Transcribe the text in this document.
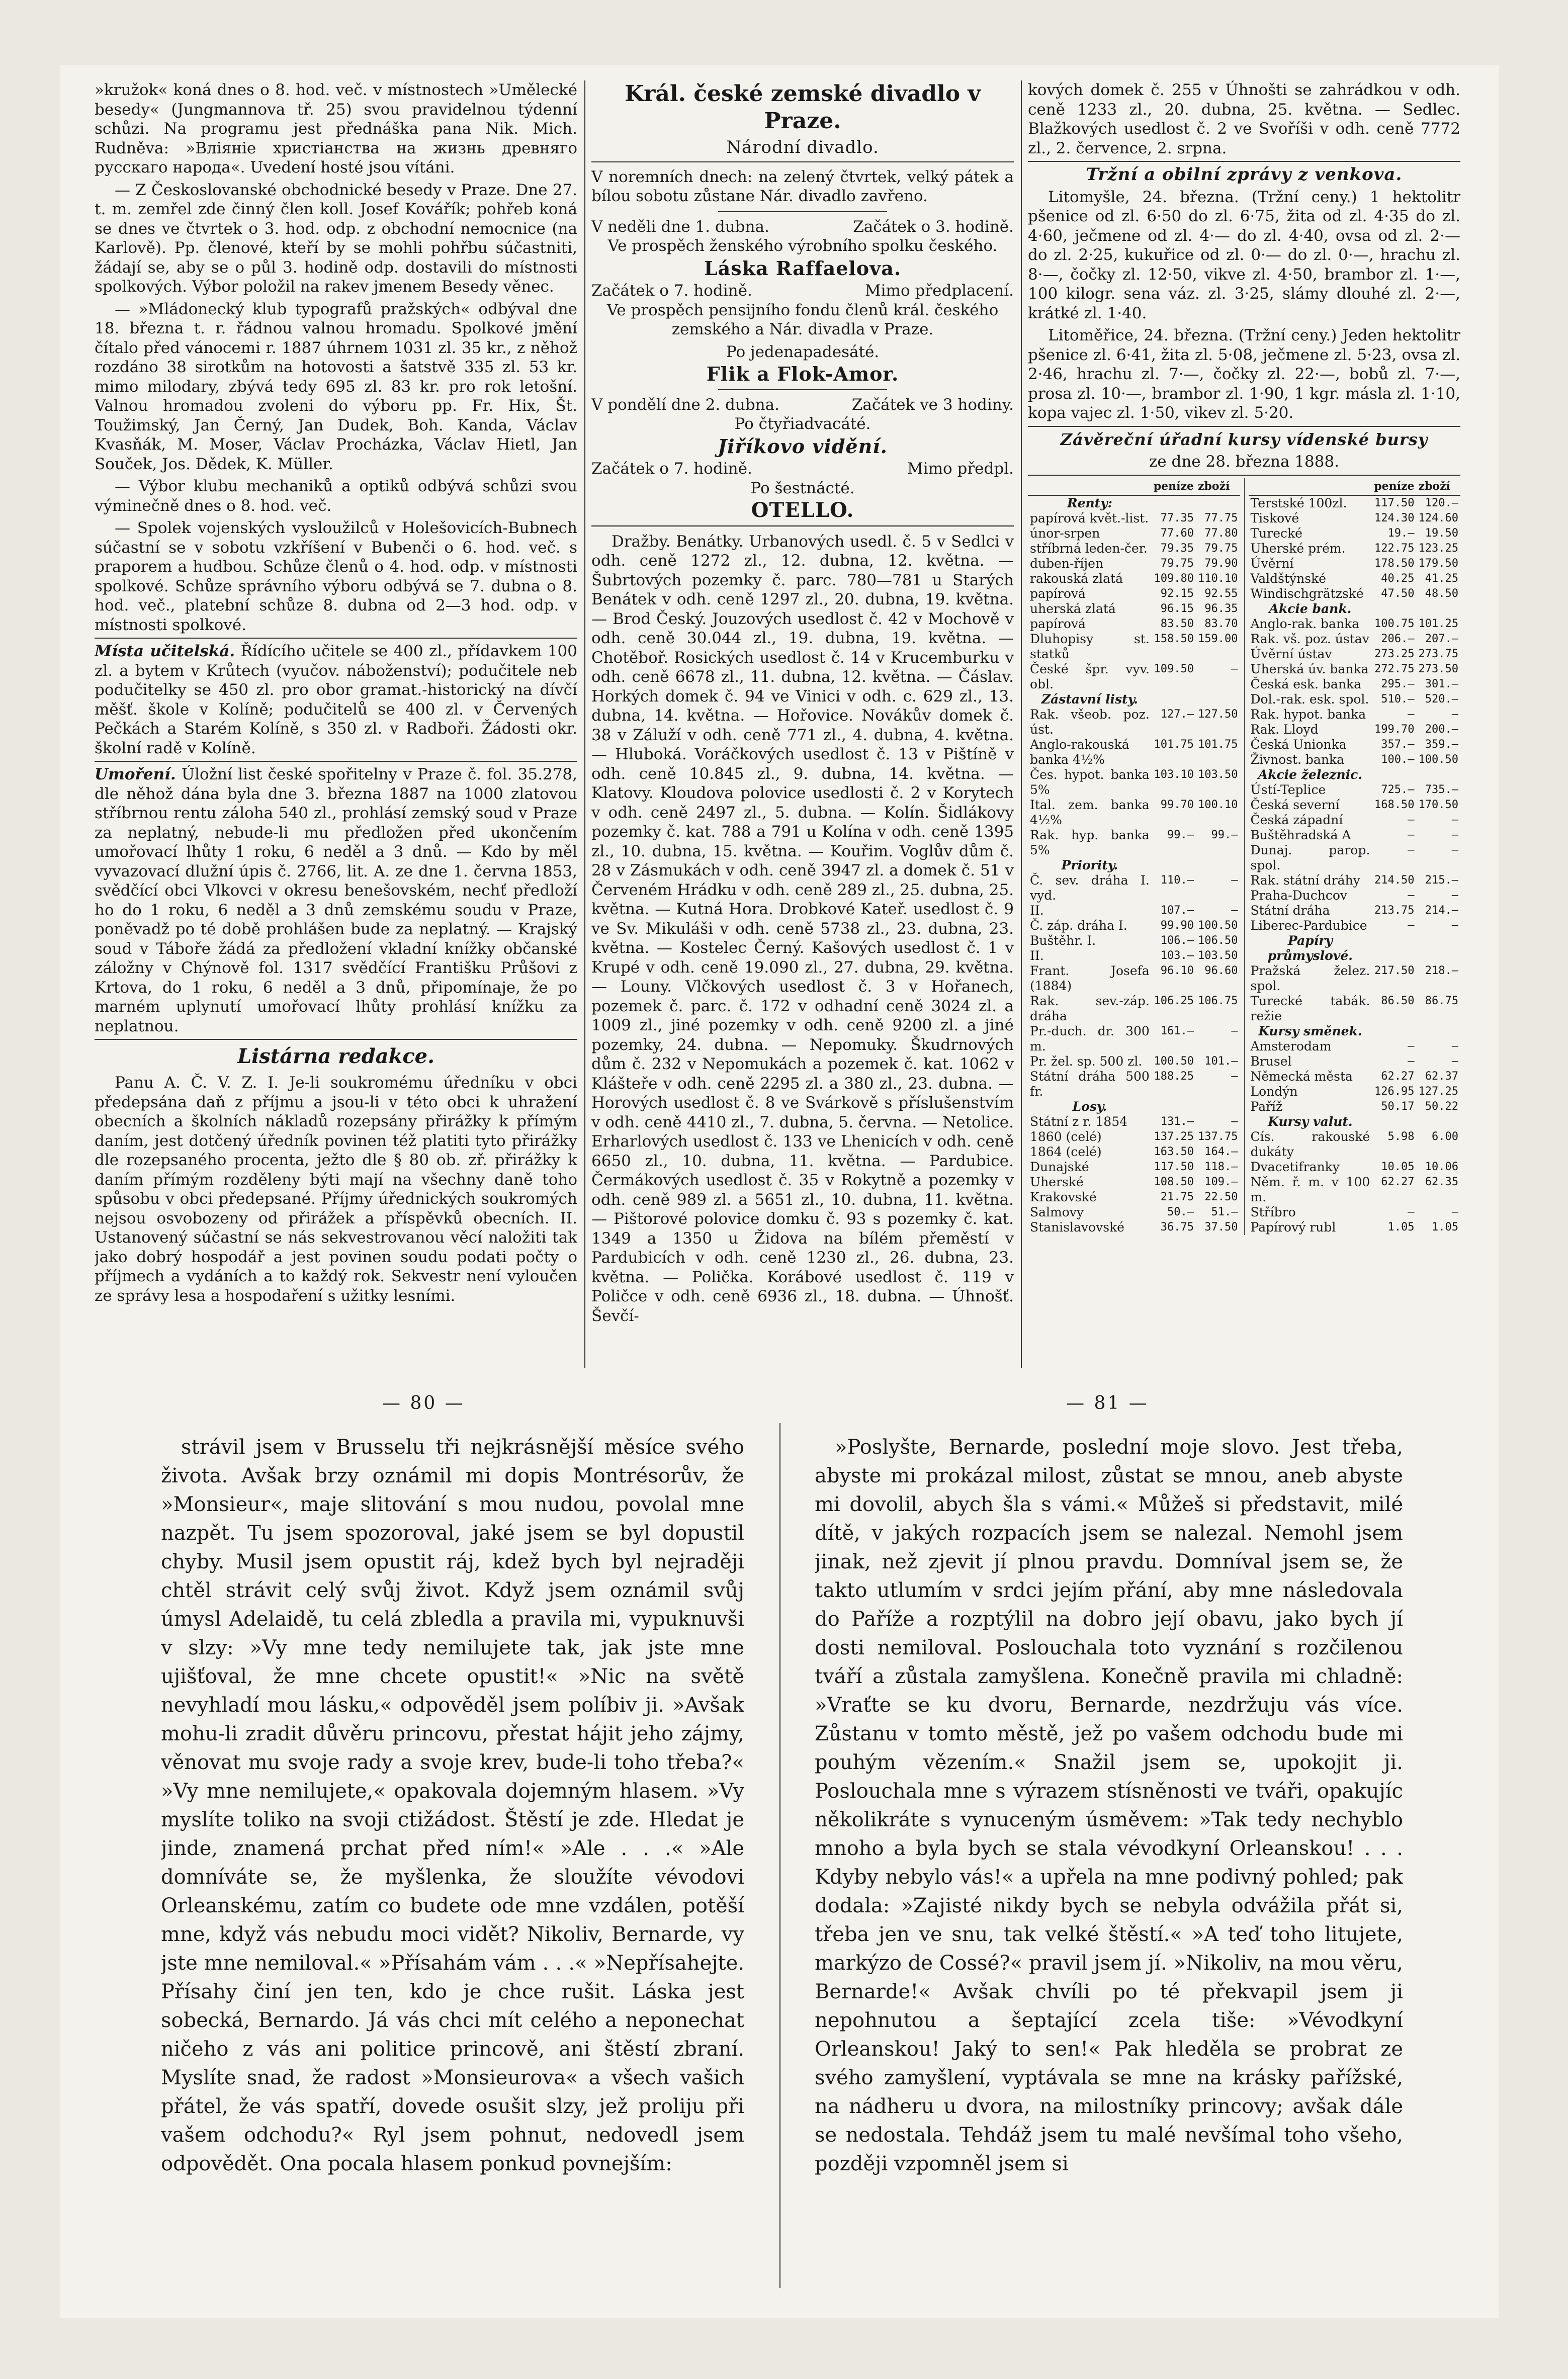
»kružok« koná dnes o 8. hod. več. v místnostech »Umělecké besedy« (Jungmannova tř. 25) svou pravidelnou týdenní schůzi. Na programu jest přednáška pana Nik. Mich. Rudněva: »Вліяніе христіанства на жизнь древняго русскаго народа«. Uvedení hosté jsou vítáni.

— Z Českoslovanské obchodnické besedy v Praze. Dne 27. t. m. zemřel zde činný člen koll. Josef Kovářík; pohřeb koná se dnes ve čtvrtek o 3. hod. odp. z obchodní nemocnice (na Karlově). Pp. členové, kteří by se mohli pohřbu súčastniti, žádají se, aby se o půl 3. hodině odp. dostavili do místnosti spolkových. Výbor položil na rakev jmenem Besedy věnec.

— »Mládonecký klub typografů pražských« odbýval dne 18. března t. r. řádnou valnou hromadu. Spolkové jmění čítalo před vánocemi r. 1887 úhrnem 1031 zl. 35 kr., z něhož rozdáno 38 sirotkům na hotovosti a šatstvě 335 zl. 53 kr. mimo milodary, zbývá tedy 695 zl. 83 kr. pro rok letošní. Valnou hromadou zvoleni do výboru pp. Fr. Hix, Št. Toužimský, Jan Černý, Jan Dudek, Boh. Kanda, Václav Kvasňák, M. Moser, Václav Procházka, Václav Hietl, Jan Souček, Jos. Dědek, K. Müller.

— Výbor klubu mechaniků a optiků odbývá schůzi svou výminečně dnes o 8. hod. več.

— Spolek vojenských vysloužilců v Holešovicích-Bubnech súčastní se v sobotu vzkříšení v Bubenči o 6. hod. več. s praporem a hudbou. Schůze členů o 4. hod. odp. v místnosti spolkové. Schůze správního výboru odbývá se 7. dubna o 8. hod. več., platební schůze 8. dubna od 2—3 hod. odp. v místnosti spolkové.

Místa učitelská. Řídícího učitele se 400 zl., přídavkem 100 zl. a bytem v Krůtech (vyučov. náboženství); podučitele neb podučitelky se 450 zl. pro obor gramat.-historický na dívčí měšť. škole v Kolíně; podučitelů se 400 zl. v Červených Pečkách a Starém Kolíně, s 350 zl. v Radboři. Žádosti okr. školní radě v Kolíně.

Umoření. Úložní list české spořitelny v Praze č. fol. 35.278, dle něhož dána byla dne 3. března 1887 na 1000 zlatovou stříbrnou rentu záloha 540 zl., prohlásí zemský soud v Praze za neplatný, nebude-li mu předložen před ukončením umořovací lhůty 1 roku, 6 neděl a 3 dnů. — Kdo by měl vyvazovací dlužní úpis č. 2766, lit. A. ze dne 1. června 1853, svědčící obci Vlkovci v okresu benešovském, nechť předloží ho do 1 roku, 6 neděl a 3 dnů zemskému soudu v Praze, poněvadž po té době prohlášen bude za neplatný. — Krajský soud v Táboře žádá za předložení vkladní knížky občanské záložny v Chýnově fol. 1317 svědčící Františku Průšovi z Krtova, do 1 roku, 6 neděl a 3 dnů, připomínaje, že po marném uplynutí umořovací lhůty prohlásí knížku za neplatnou.

Listárna redakce.

Panu A. Č. V. Z. I. Je-li soukromému úředníku v obci předepsána daň z příjmu a jsou-li v této obci k uhražení obecních a školních nákladů rozepsány přirážky k přímým daním, jest dotčený úředník povinen též platiti tyto přirážky dle rozepsaného procenta, ježto dle § 80 ob. zř. přirážky k daním přímým rozděleny býti mají na všechny daně toho spůsobu v obci předepsané. Příjmy úřednických soukromých nejsou osvobozeny od přirážek a příspěvků obecních. II. Ustanovený súčastní se nás sekvestrovanou věcí naložiti tak jako dobrý hospodář a jest povinen soudu podati počty o příjmech a vydáních a to každý rok. Sekvestr není vyloučen ze správy lesa a hospodaření s užitky lesními.

Král. české zemské divadlo v Praze.
Národní divadlo.

V noremních dnech: na zelený čtvrtek, velký pátek a bílou sobotu zůstane Nár. divadlo zavřeno.

V neděli dne 1. dubna.	Začátek o 3. hodině.

Ve prospěch ženského výrobního spolku českého.

Láska Raffaelova.
Začátek o 7. hodině.	Mimo předplacení.

Ve prospěch pensijního fondu členů král. českého zemského a Nár. divadla v Praze.

Po jedenapadesáté.

Flik a Flok-Amor.
V pondělí dne 2. dubna.	Začátek ve 3 hodiny.

Po čtyřiadvacáté.

Jiříkovo vidění.
Začátek o 7. hodině.	Mimo předpl.

Po šestnácté.

OTELLO.

Dražby. Benátky. Urbanových usedl. č. 5 v Sedlci v odh. ceně 1272 zl., 12. dubna, 12. května. — Šubrtových pozemky č. parc. 780—781 u Starých Benátek v odh. ceně 1297 zl., 20. dubna, 19. května. — Brod Český. Jouzových usedlost č. 42 v Mochově v odh. ceně 30.044 zl., 19. dubna, 19. května. — Chotěboř. Rosických usedlost č. 14 v Krucemburku v odh. ceně 6678 zl., 11. dubna, 12. května. — Čáslav. Horkých domek č. 94 ve Vinici v odh. c. 629 zl., 13. dubna, 14. května. — Hořovice. Novákův domek č. 38 v Záluží v odh. ceně 771 zl., 4. dubna, 4. května. — Hluboká. Voráčkových usedlost č. 13 v Pištíně v odh. ceně 10.845 zl., 9. dubna, 14. května. — Klatovy. Kloudova polovice usedlosti č. 2 v Korytech v odh. ceně 2497 zl., 5. dubna. — Kolín. Šidlákovy pozemky č. kat. 788 a 791 u Kolína v odh. ceně 1395 zl., 10. dubna, 15. května. — Kouřim. Voglův dům č. 28 v Zásmukách v odh. ceně 3947 zl. a domek č. 51 v Červeném Hrádku v odh. ceně 289 zl., 25. dubna, 25. května. — Kutná Hora. Drobkové Kateř. usedlost č. 9 ve Sv. Mikuláši v odh. ceně 5738 zl., 23. dubna, 23. května. — Kostelec Černý. Kašových usedlost č. 1 v Krupé v odh. ceně 19.090 zl., 27. dubna, 29. května. — Louny. Vlčkových usedlost č. 3 v Hořanech, pozemek č. parc. č. 172 v odhadní ceně 3024 zl. a 1009 zl., jiné pozemky v odh. ceně 9200 zl. a jiné pozemky, 24. dubna. — Nepomuky. Škudrnových dům č. 232 v Nepomukách a pozemek č. kat. 1062 v Klášteře v odh. ceně 2295 zl. a 380 zl., 23. dubna. — Horových usedlost č. 8 ve Svárkově s příslušenstvím v odh. ceně 4410 zl., 7. dubna, 5. června. — Netolice. Erharlových usedlost č. 133 ve Lhenicích v odh. ceně 6650 zl., 10. dubna, 11. května. — Pardubice. Čermákových usedlost č. 35 v Rokytně a pozemky v odh. ceně 989 zl. a 5651 zl., 10. dubna, 11. května. — Pištorové polovice domku č. 93 s pozemky č. kat. 1349 a 1350 u Židova na bílém přeměstí v Pardubicích v odh. ceně 1230 zl., 26. dubna, 23. května. — Polička. Korábové usedlost č. 119 v Poličce v odh. ceně 6936 zl., 18. dubna. — Úhnošť. Ševčí-

kových domek č. 255 v Úhnošti se zahrádkou v odh. ceně 1233 zl., 20. dubna, 25. května. — Sedlec. Blažkových usedlost č. 2 ve Svoříši v odh. ceně 7772 zl., 2. července, 2. srpna.

Tržní a obilní zprávy z venkova.

Litomyšle, 24. března. (Tržní ceny.) 1 hektolitr pšenice od zl. 6·50 do zl. 6·75, žita od zl. 4·35 do zl. 4·60, ječmene od zl. 4·— do zl. 4·40, ovsa od zl. 2·— do zl. 2·25, kukuřice od zl. 0·— do zl. 0·—, hrachu zl. 8·—, čočky zl. 12·50, vikve zl. 4·50, brambor zl. 1·—, 100 kilogr. sena váz. zl. 3·25, slámy dlouhé zl. 2·—, krátké zl. 1·40.

Litoměřice, 24. března. (Tržní ceny.) Jeden hektolitr pšenice zl. 6·41, žita zl. 5·08, ječmene zl. 5·23, ovsa zl. 2·46, hrachu zl. 7·—, čočky zl. 22·—, bobů zl. 7·—, prosa zl. 10·—, brambor zl. 1·90, 1 kgr. másla zl. 1·10, kopa vajec zl. 1·50, vikev zl. 5·20.

Závěreční úřadní kursy vídenské bursy
ze dne 28. března 1888.
	peníze	zboží
Renty:		
papírová květ.-list.	77.35	77.75
únor-srpen	77.60	77.80
stříbrná leden-čer.	79.35	79.75
duben-říjen	79.75	79.90
rakouská zlatá	109.80	110.10
papírová	92.15	92.55
uherská zlatá	96.15	96.35
papírová	83.50	83.70
Dluhopisy st. statků	158.50	159.00
České špr. vyv. obl.	109.50	—
Zástavní listy.		
Rak. všeob. poz. úst.	127.—	127.50
Anglo-rakouská banka 4½%	101.75	101.75
Čes. hypot. banka 5%	103.10	103.50
Ital. zem. banka 4½%	99.70	100.10
Rak. hyp. banka 5%	99.—	99.—
Priority.		
Č. sev. dráha I. vyd.	110.—	—
II.	107.—	—
Č. záp. dráha I.	99.90	100.50
Buštěhr. I.	106.—	106.50
II.	103.—	103.50
Frant. Josefa (1884)	96.10	96.60
Rak. sev.-záp. dráha	106.25	106.75
Pr.-duch. dr. 300 m.	161.—	—
Pr. žel. sp. 500 zl.	100.50	101.—
Státní dráha 500 fr.	188.25	—
Losy.		
Státní z r. 1854	131.—	—
1860 (celé)	137.25	137.75
1864 (celé)	163.50	164.—
Dunajské	117.50	118.—
Uherské	108.50	109.—
Krakovské	21.75	22.50
Salmovy	50.—	51.—
Stanislavovské	36.75	37.50
	peníze	zboží
Terstské 100zl.	117.50	120.—
Tiskové	124.30	124.60
Turecké	19.—	19.50
Uherské prém.	122.75	123.25
Úvěrní	178.50	179.50
Valdštýnské	40.25	41.25
Windischgrätzské	47.50	48.50
Akcie bank.		
Anglo-rak. banka	100.75	101.25
Rak. vš. poz. ústav	206.—	207.—
Úvěrní ústav	273.25	273.75
Uherská úv. banka	272.75	273.50
Česká esk. banka	295.—	301.—
Dol.-rak. esk. spol.	510.—	520.—
Rak. hypot. banka	—	—
Rak. Lloyd	199.70	200.—
Česká Unionka	357.—	359.—
Živnost. banka	100.—	100.50
Akcie železnic.		
Ústí-Teplice	725.—	735.—
Česká severní	168.50	170.50
Česká západní	—	—
Buštěhradská A	—	—
Dunaj. parop. spol.	—	—
Rak. státní dráhy	214.50	215.—
Praha-Duchcov	—	—
Státní dráha	213.75	214.—
Liberec-Pardubice	—	—
Papíry průmyslové.		
Pražská želez. spol.	217.50	218.—
Turecké tabák. režie	86.50	86.75
Kursy směnek.		
Amsterodam	—	—
Brusel	—	—
Německá města	62.27	62.37
Londýn	126.95	127.25
Paříž	50.17	50.22
Kursy valut.		
Cís. rakouské dukáty	5.98	6.00
Dvacetifranky	10.05	10.06
Něm. ř. m. v 100 m.	62.27	62.35
Stříbro	—	—
Papírový rubl	1.05	1.05
— 80 —	— 81 —

strávil jsem v Brusselu tři nejkrásnější měsíce svého života. Avšak brzy oznámil mi dopis Montrésorův, že »Monsieur«, maje slitování s mou nudou, povolal mne nazpět. Tu jsem spozoroval, jaké jsem se byl dopustil chyby. Musil jsem opustit ráj, kdež bych byl nejraději chtěl strávit celý svůj život. Když jsem oznámil svůj úmysl Adelaidě, tu celá zbledla a pravila mi, vypuknuvši v slzy: »Vy mne tedy nemilujete tak, jak jste mne ujišťoval, že mne chcete opustit!« »Nic na světě nevyhladí mou lásku,« odpověděl jsem políbiv ji. »Avšak mohu-li zradit důvěru princovu, přestat hájit jeho zájmy, věnovat mu svoje rady a svoje krev, bude-li toho třeba?« »Vy mne nemilujete,« opakovala dojemným hlasem. »Vy myslíte toliko na svoji ctižádost. Štěstí je zde. Hledat je jinde, znamená prchat před ním!« »Ale . . .« »Ale domníváte se, že myšlenka, že sloužíte vévodovi Orleanskému, zatím co budete ode mne vzdálen, potěší mne, když vás nebudu moci vidět? Nikoliv, Bernarde, vy jste mne nemiloval.« »Přísahám vám . . .« »Nepřísahejte. Přísahy činí jen ten, kdo je chce rušit. Láska jest sobecká, Bernardo. Já vás chci mít celého a neponechat ničeho z vás ani politice princově, ani štěstí zbraní. Myslíte snad, že radost »Monsieurova« a všech vašich přátel, že vás spatří, dovede osušit slzy, jež proliju při vašem odchodu?« Ryl jsem pohnut, nedovedl jsem odpovědět. Ona pocala hlasem ponkud povnejším:

»Poslyšte, Bernarde, poslední moje slovo. Jest třeba, abyste mi prokázal milost, zůstat se mnou, aneb abyste mi dovolil, abych šla s vámi.« Můžeš si představit, milé dítě, v jakých rozpacích jsem se nalezal. Nemohl jsem jinak, než zjevit jí plnou pravdu. Domníval jsem se, že takto utlumím v srdci jejím přání, aby mne následovala do Paříže a rozptýlil na dobro její obavu, jako bych jí dosti nemiloval. Poslouchala toto vyznání s rozčilenou tváří a zůstala zamyšlena. Konečně pravila mi chladně: »Vraťte se ku dvoru, Bernarde, nezdržuju vás více. Zůstanu v tomto městě, jež po vašem odchodu bude mi pouhým vězením.« Snažil jsem se, upokojit ji. Poslouchala mne s výrazem stísněnosti ve tváři, opakujíc několikráte s vynuceným úsměvem: »Tak tedy nechyblo mnoho a byla bych se stala vévodkyní Orleanskou! . . . Kdyby nebylo vás!« a upřela na mne podivný pohled; pak dodala: »Zajisté nikdy bych se nebyla odvážila přát si, třeba jen ve snu, tak velké štěstí.« »A teď toho litujete, markýzo de Cossé?« pravil jsem jí. »Nikoliv, na mou věru, Bernarde!« Avšak chvíli po té překvapil jsem ji nepohnutou a šeptající zcela tiše: »Vévodkyní Orleanskou! Jaký to sen!« Pak hleděla se probrat ze svého zamyšlení, vyptávala se mne na krásky pařížské, na nádheru u dvora, na milostníky princovy; avšak dále se nedostala. Tehdáž jsem tu malé nevšímal toho všeho, později vzpomněl jsem si
